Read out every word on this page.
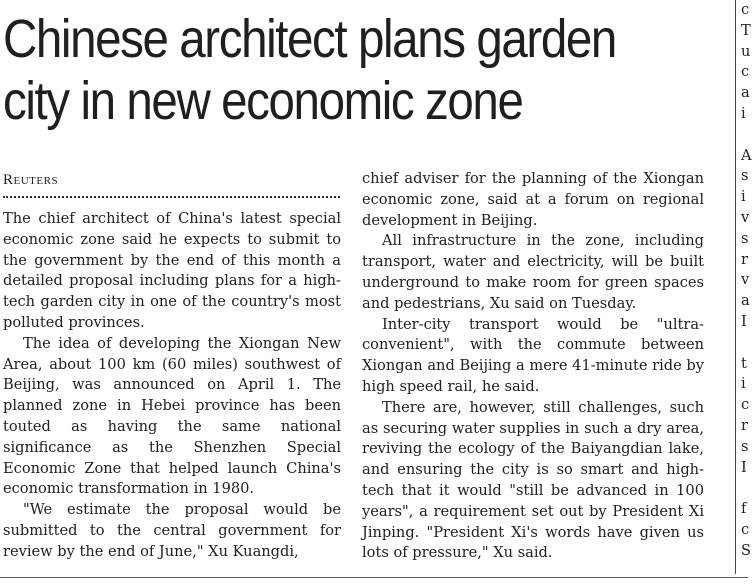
Chinese architect plans garden
city in new economic zone
Reuters

The chief architect of China's latest special economic zone said he expects to submit to the government by the end of this month a detailed proposal including plans for a high-tech garden city in one of the country's most polluted provinces.

The idea of developing the Xiongan New Area, about 100 km (60 miles) southwest of Beijing, was announced on April 1. The planned zone in Hebei province has been touted as having the same national significance as the Shenzhen Special Economic Zone that helped launch China's economic transformation in 1980.

"We estimate the proposal would be submitted to the central government for review by the end of June," Xu Kuangdi,

chief adviser for the planning of the Xiongan economic zone, said at a forum on regional development in Beijing.

All infrastructure in the zone, including transport, water and electricity, will be built underground to make room for green spaces and pedestrians, Xu said on Tuesday.

Inter-city transport would be "ultra-convenient", with the commute between Xiongan and Beijing a mere 41-minute ride by high speed rail, he said.

There are, however, still challenges, such as securing water supplies in such a dry area, reviving the ecology of the Baiyangdian lake, and ensuring the city is so smart and high-tech that it would "still be advanced in 100 years", a requirement set out by President Xi Jinping. "President Xi's words have given us lots of pressure," Xu said.

c
T
u
c
a
i

A
s
i
v
s
r
v
a
I

t
i
c
r
s
I

f
c
S
